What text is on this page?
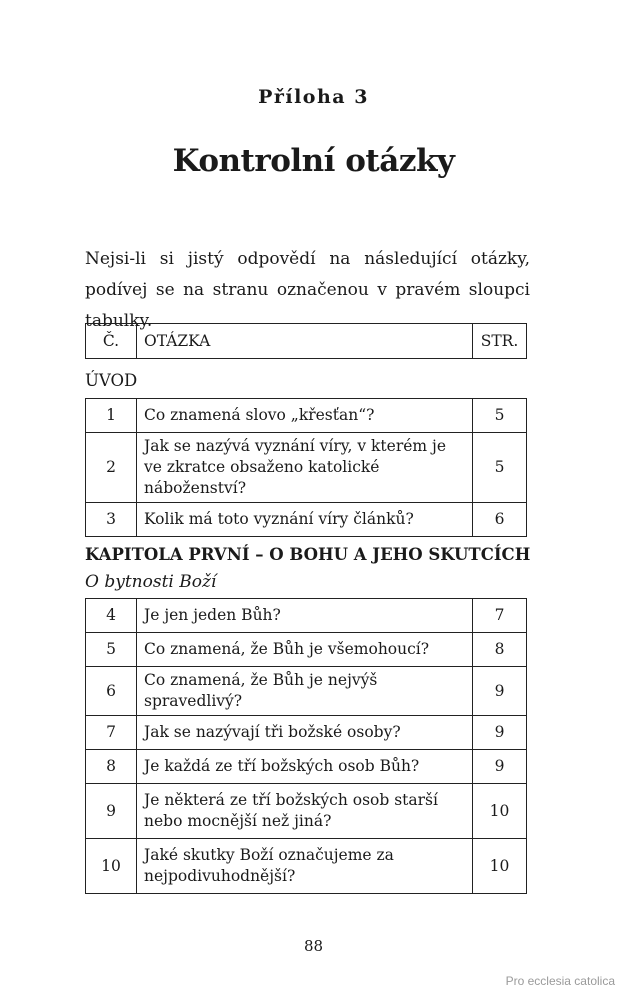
Příloha 3
Kontrolní otázky
Nejsi-li si jistý odpovědí na následující otázky, podívej se na stranu označenou v pravém sloupci tabulky.
Č.	OTÁZKA	STR.
ÚVOD
1	Co znamená slovo „křesťan“?	5
2	Jak se nazývá vyznání víry, v kterém je ve zkratce obsaženo katolické náboženství?	5
3	Kolik má toto vyznání víry článků?	6
KAPITOLA PRVNÍ – O BOHU A JEHO SKUTCÍCH
O bytnosti Boží
4	Je jen jeden Bůh?	7
5	Co znamená, že Bůh je všemohoucí?	8
6	Co znamená, že Bůh je nejvýš spravedlivý?	9
7	Jak se nazývají tři božské osoby?	9
8	Je každá ze tří božských osob Bůh?	9
9	Je některá ze tří božských osob starší nebo mocnější než jiná?	10
10	Jaké skutky Boží označujeme za nejpodivuhodnější?	10
88
Pro ecclesia catolica
